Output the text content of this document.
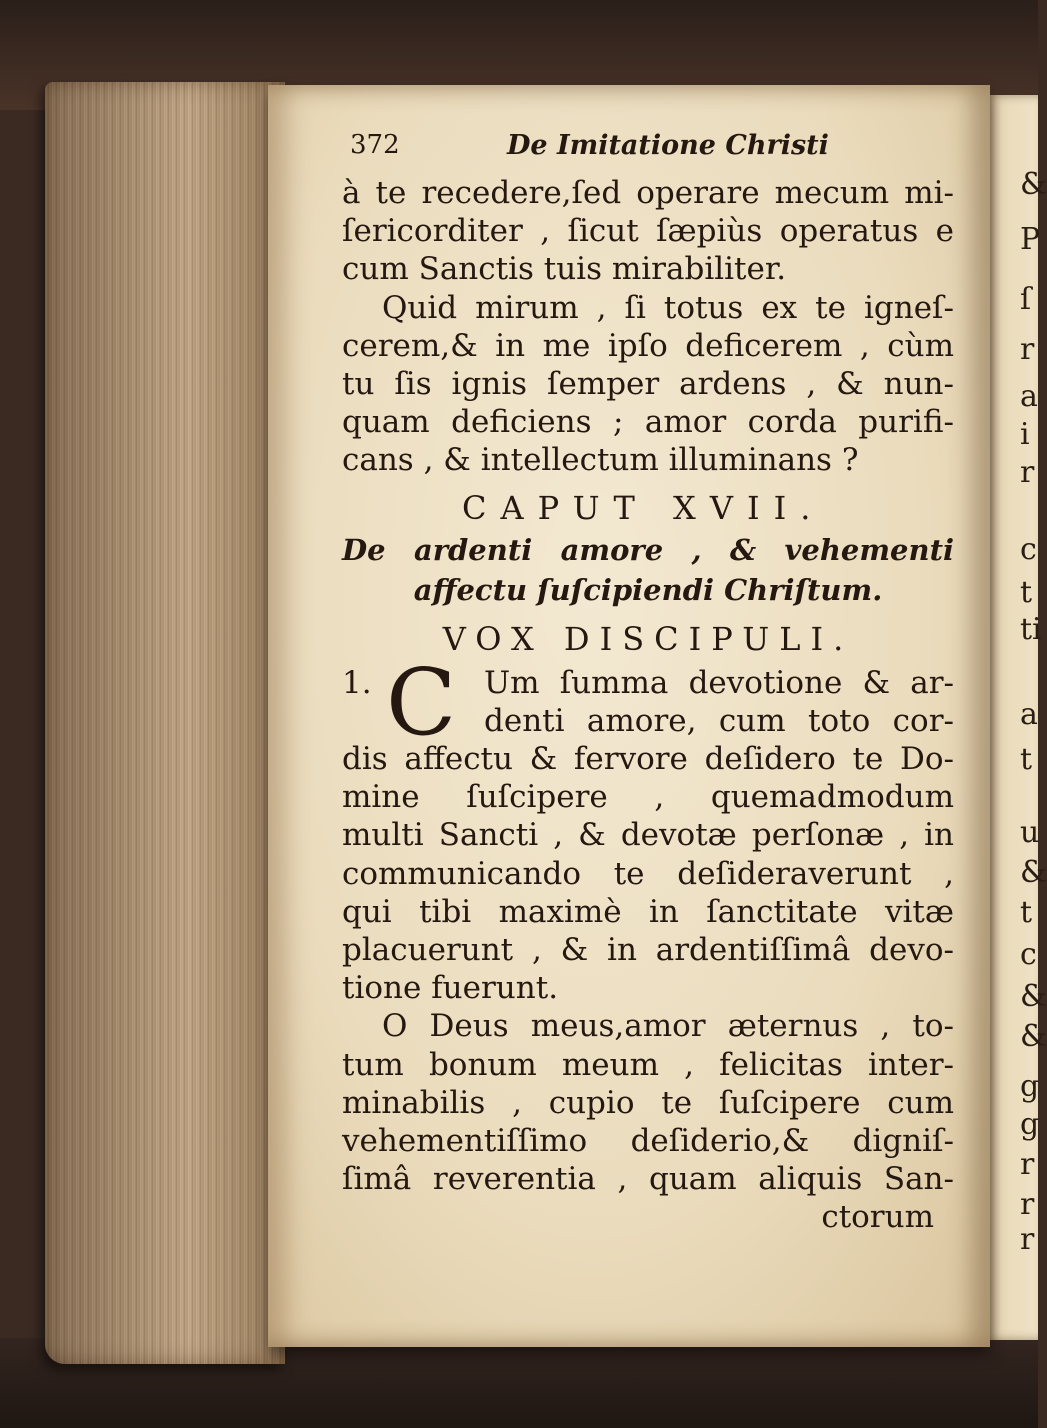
&
P
ſ
r
a
i
r
c
t
ti
a
t
u
&
t
c
&
&
g
g
r
r
r
372	De Imitatione Christi
à te recedere,ſed operare mecum mi-
ſericorditer , ſicut ſæpiùs operatus e
cum Sanctis tuis mirabiliter.
Quid mirum , ſi totus ex te igneſ-
cerem,& in me ipſo deficerem , cùm
tu ſis ignis ſemper ardens , & nun-
quam deficiens ; amor corda purifi-
cans , & intellectum illuminans ?
CAPUT XVII.
De ardenti amore , & vehementi
affectu ſuſcipiendi Chriſtum.
VOX DISCIPULI.
1. C Um ſumma devotione & ar-
denti amore, cum toto cor-
dis affectu & fervore deſidero te Do-
mine ſuſcipere , quemadmodum
multi Sancti , & devotæ perſonæ , in
communicando te deſideraverunt ,
qui tibi maximè in ſanctitate vitæ
placuerunt , & in ardentiſſimâ devo-
tione fuerunt.
O Deus meus,amor æternus , to-
tum bonum meum , felicitas inter-
minabilis , cupio te ſuſcipere cum
vehementiſſimo deſiderio,& digniſ-
ſimâ reverentia , quam aliquis San-
ctorum
